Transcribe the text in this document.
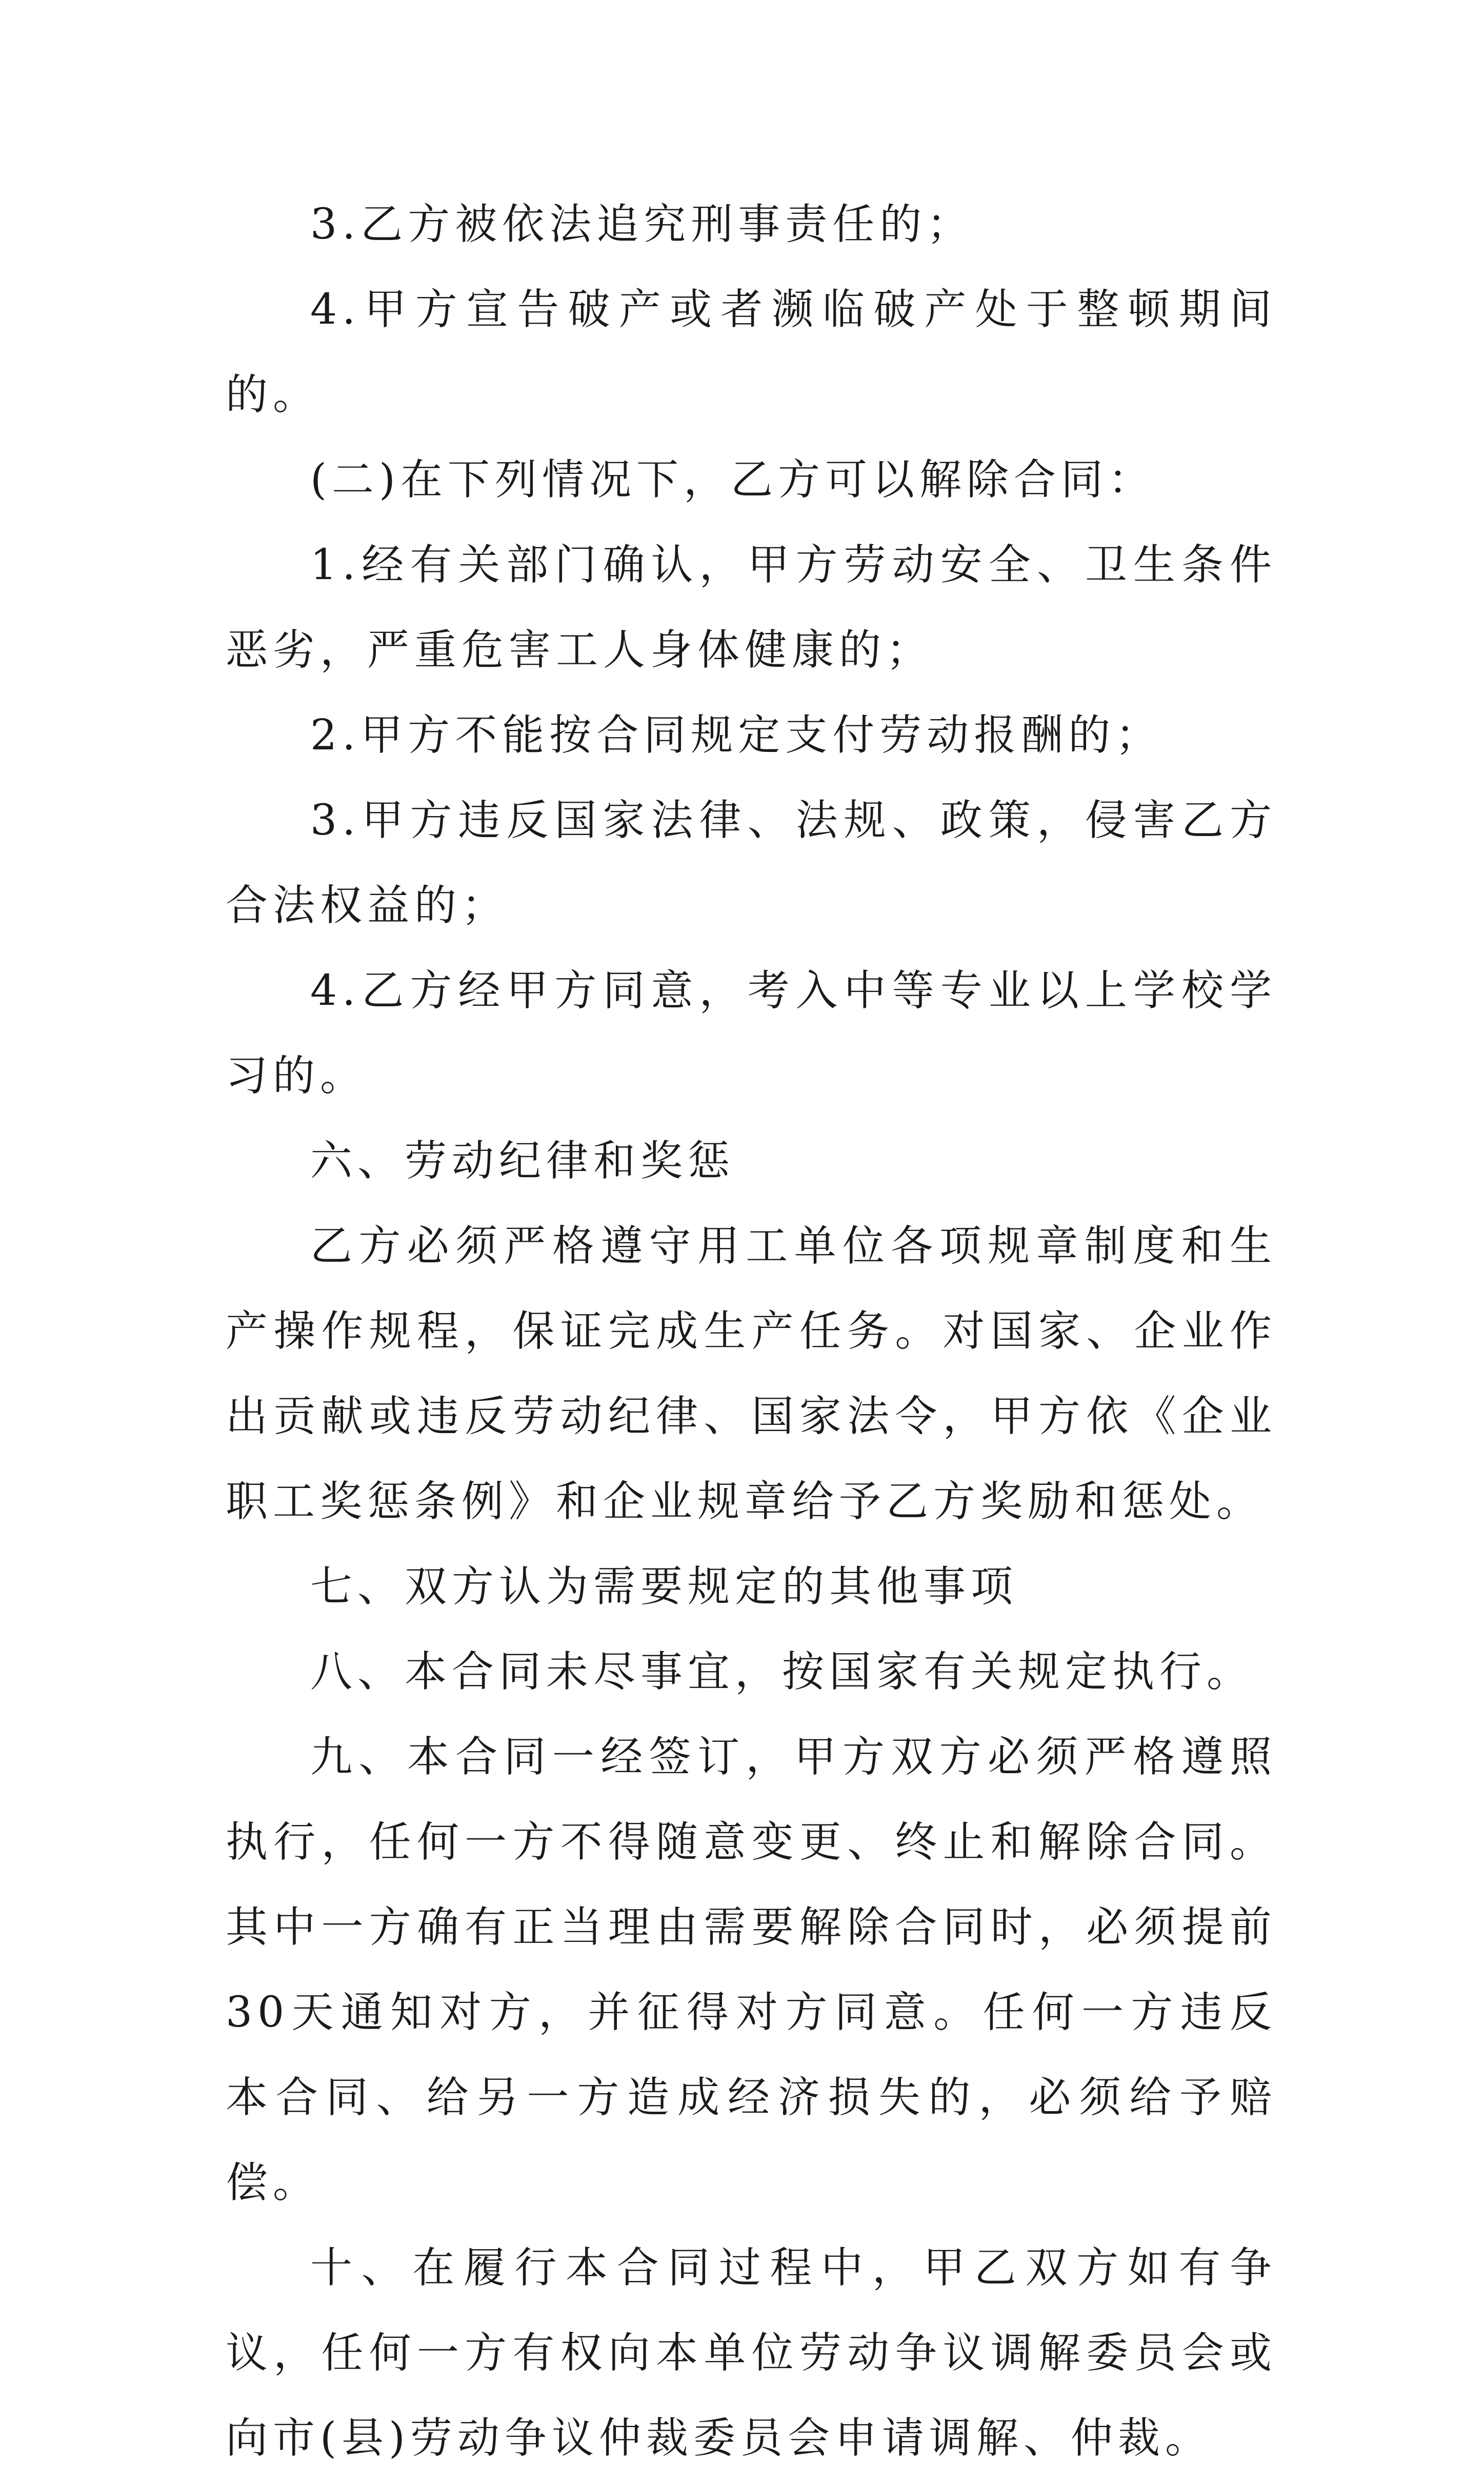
3.乙方被依法追究刑事责任的；

4.甲方宣告破产或者濒临破产处于整顿期间的。

(二)在下列情况下，乙方可以解除合同：

1.经有关部门确认，甲方劳动安全、卫生条件恶劣，严重危害工人身体健康的；

2.甲方不能按合同规定支付劳动报酬的；

3.甲方违反国家法律、法规、政策，侵害乙方合法权益的；

4.乙方经甲方同意，考入中等专业以上学校学习的。

六、劳动纪律和奖惩

乙方必须严格遵守用工单位各项规章制度和生产操作规程，保证完成生产任务。对国家、企业作出贡献或违反劳动纪律、国家法令，甲方依《企业职工奖惩条例》和企业规章给予乙方奖励和惩处。

七、双方认为需要规定的其他事项

八、本合同未尽事宜，按国家有关规定执行。

九、本合同一经签订，甲方双方必须严格遵照执行，任何一方不得随意变更、终止和解除合同。其中一方确有正当理由需要解除合同时，必须提前30天通知对方，并征得对方同意。任何一方违反本合同、给另一方造成经济损失的，必须给予赔偿。

十、在履行本合同过程中，甲乙双方如有争议，任何一方有权向本单位劳动争议调解委员会或向市(县)劳动争议仲裁委员会申请调解、仲裁。
